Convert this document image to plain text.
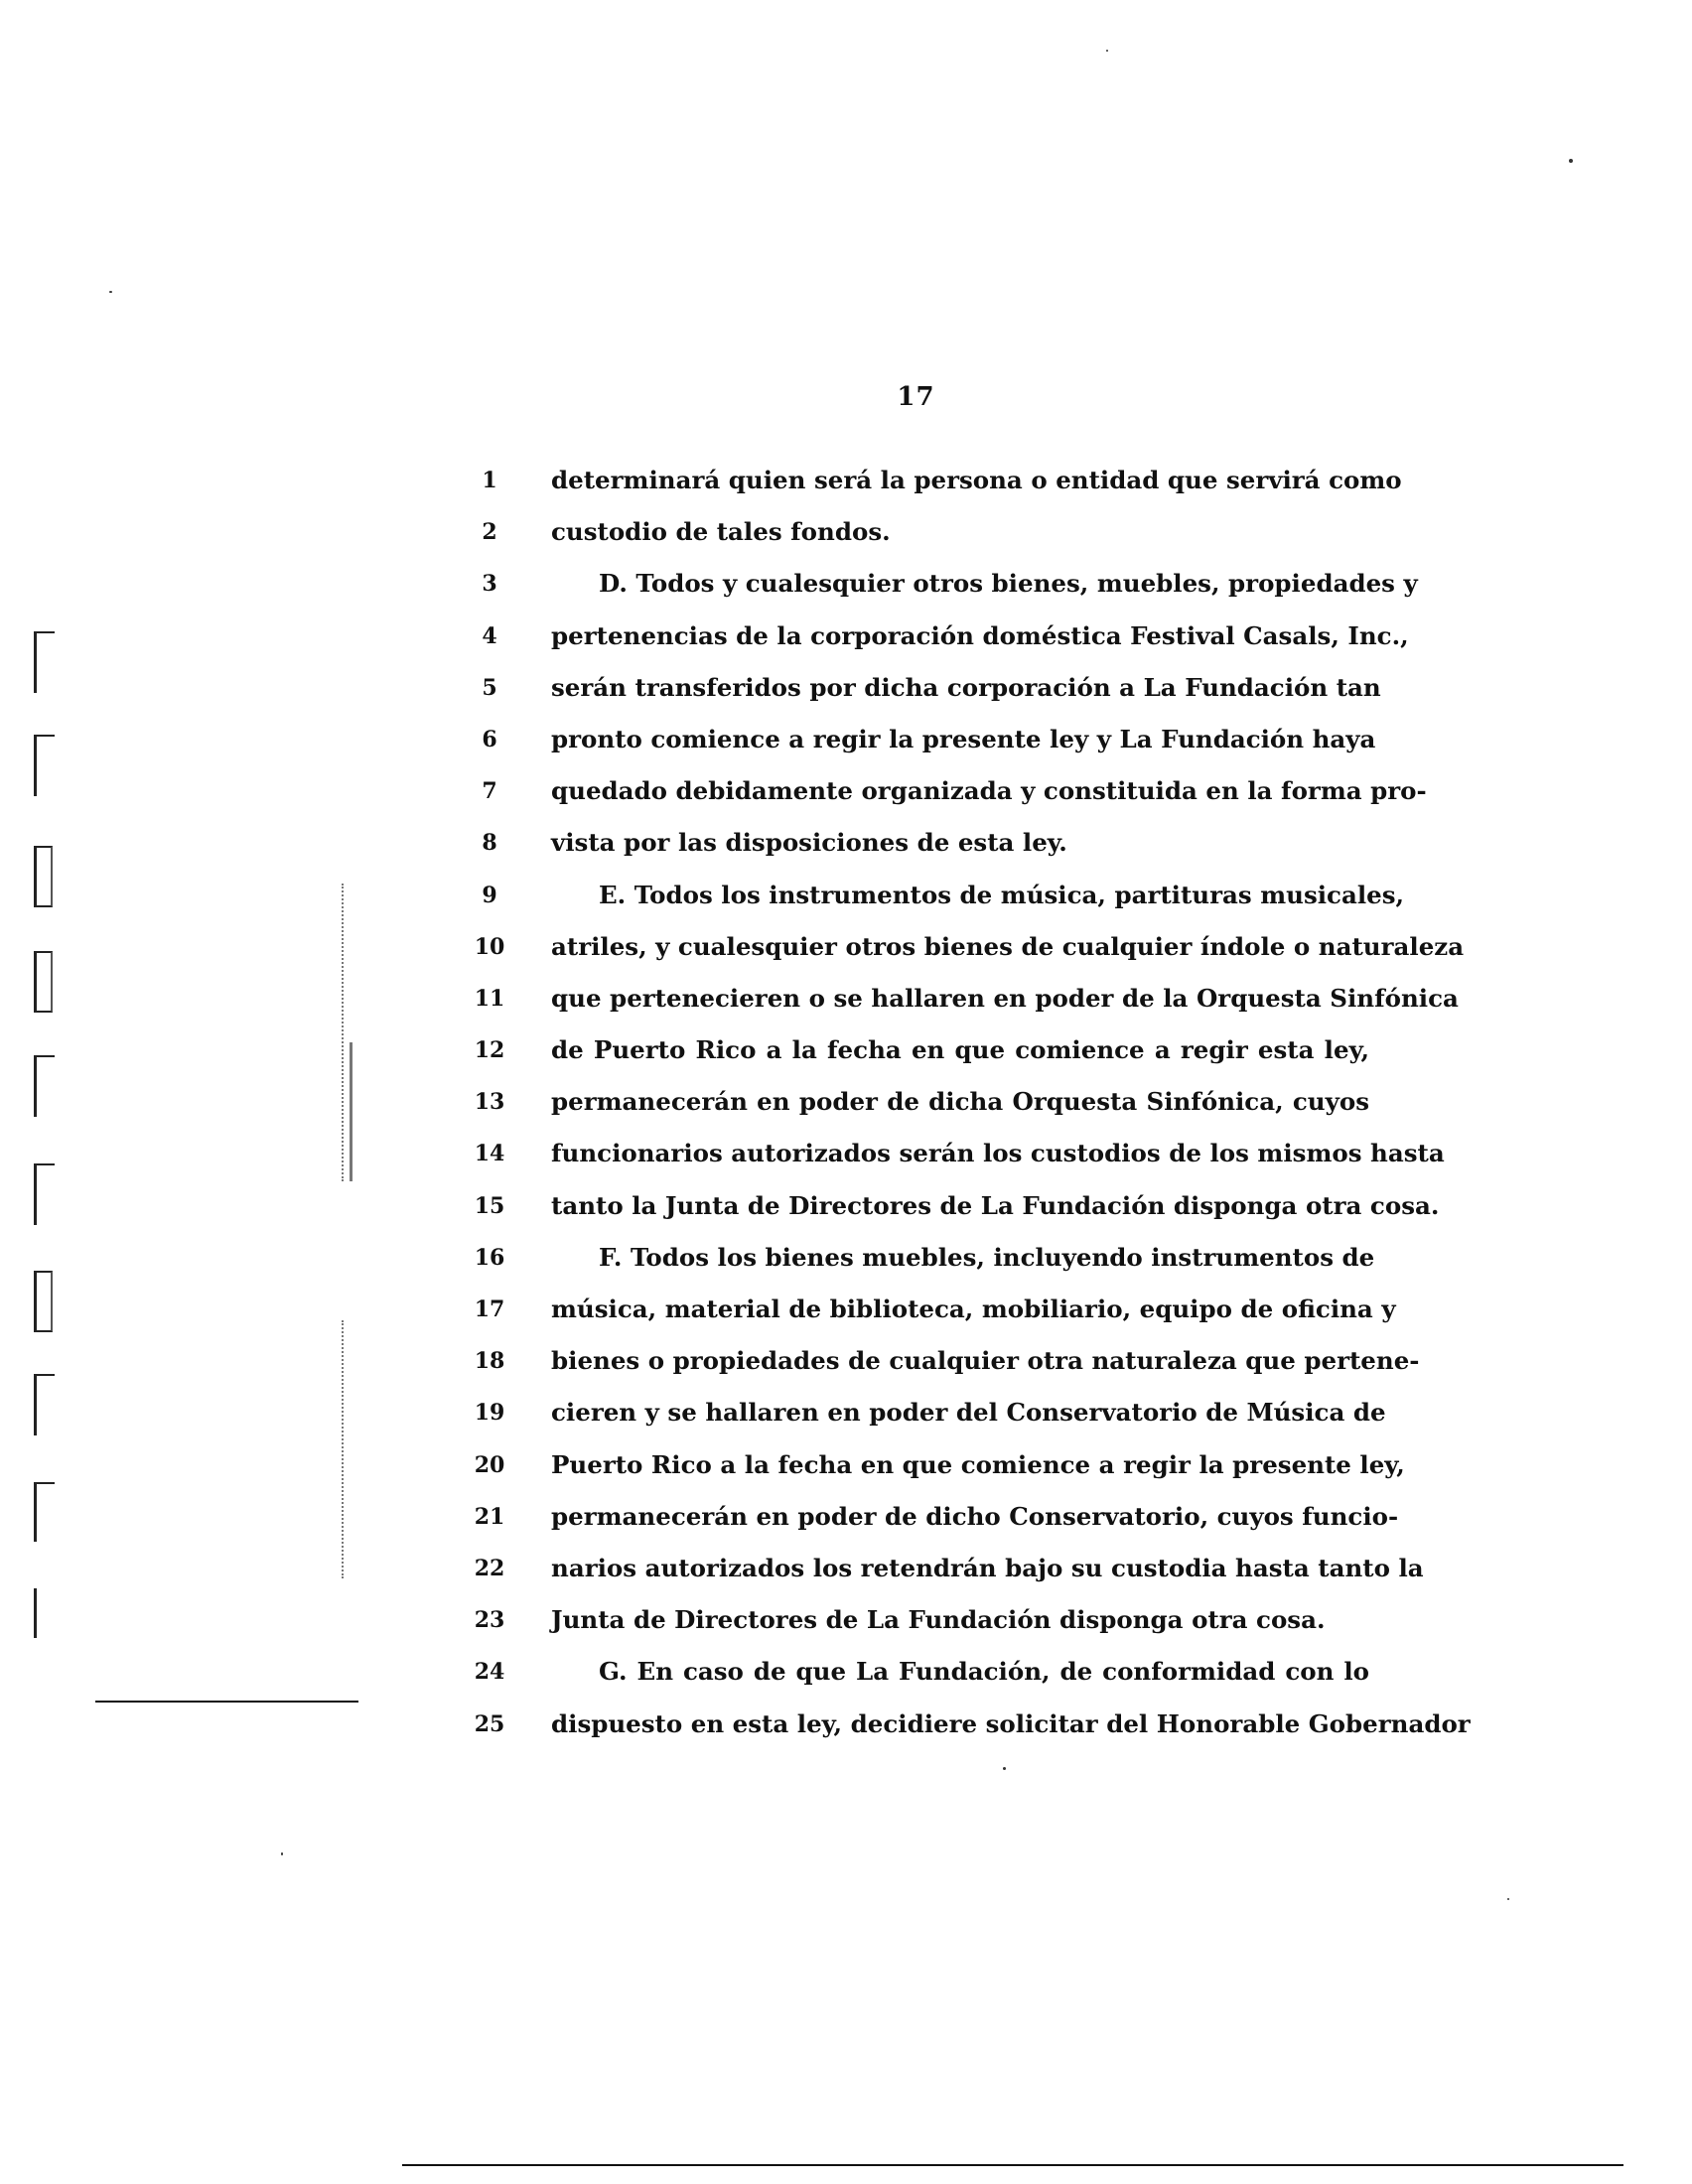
17
1	determinará quien será la persona o entidad que servirá como
2	custodio de tales fondos.
3	D. Todos y cualesquier otros bienes, muebles, propiedades y
4	pertenencias de la corporación doméstica Festival Casals, Inc.,
5	serán transferidos por dicha corporación a La Fundación tan
6	pronto comience a regir la presente ley y La Fundación haya
7	quedado debidamente organizada y constituida en la forma pro-
8	vista por las disposiciones de esta ley.
9	E. Todos los instrumentos de música, partituras musicales,
10	atriles, y cualesquier otros bienes de cualquier índole o naturaleza
11	que pertenecieren o se hallaren en poder de la Orquesta Sinfónica
12	de Puerto Rico a la fecha en que comience a regir esta ley,
13	permanecerán en poder de dicha Orquesta Sinfónica, cuyos
14	funcionarios autorizados serán los custodios de los mismos hasta
15	tanto la Junta de Directores de La Fundación disponga otra cosa.
16	F. Todos los bienes muebles, incluyendo instrumentos de
17	música, material de biblioteca, mobiliario, equipo de oficina y
18	bienes o propiedades de cualquier otra naturaleza que pertene-
19	cieren y se hallaren en poder del Conservatorio de Música de
20	Puerto Rico a la fecha en que comience a regir la presente ley,
21	permanecerán en poder de dicho Conservatorio, cuyos funcio-
22	narios autorizados los retendrán bajo su custodia hasta tanto la
23	Junta de Directores de La Fundación disponga otra cosa.
24	G. En caso de que La Fundación, de conformidad con lo
25	dispuesto en esta ley, decidiere solicitar del Honorable Gobernador
